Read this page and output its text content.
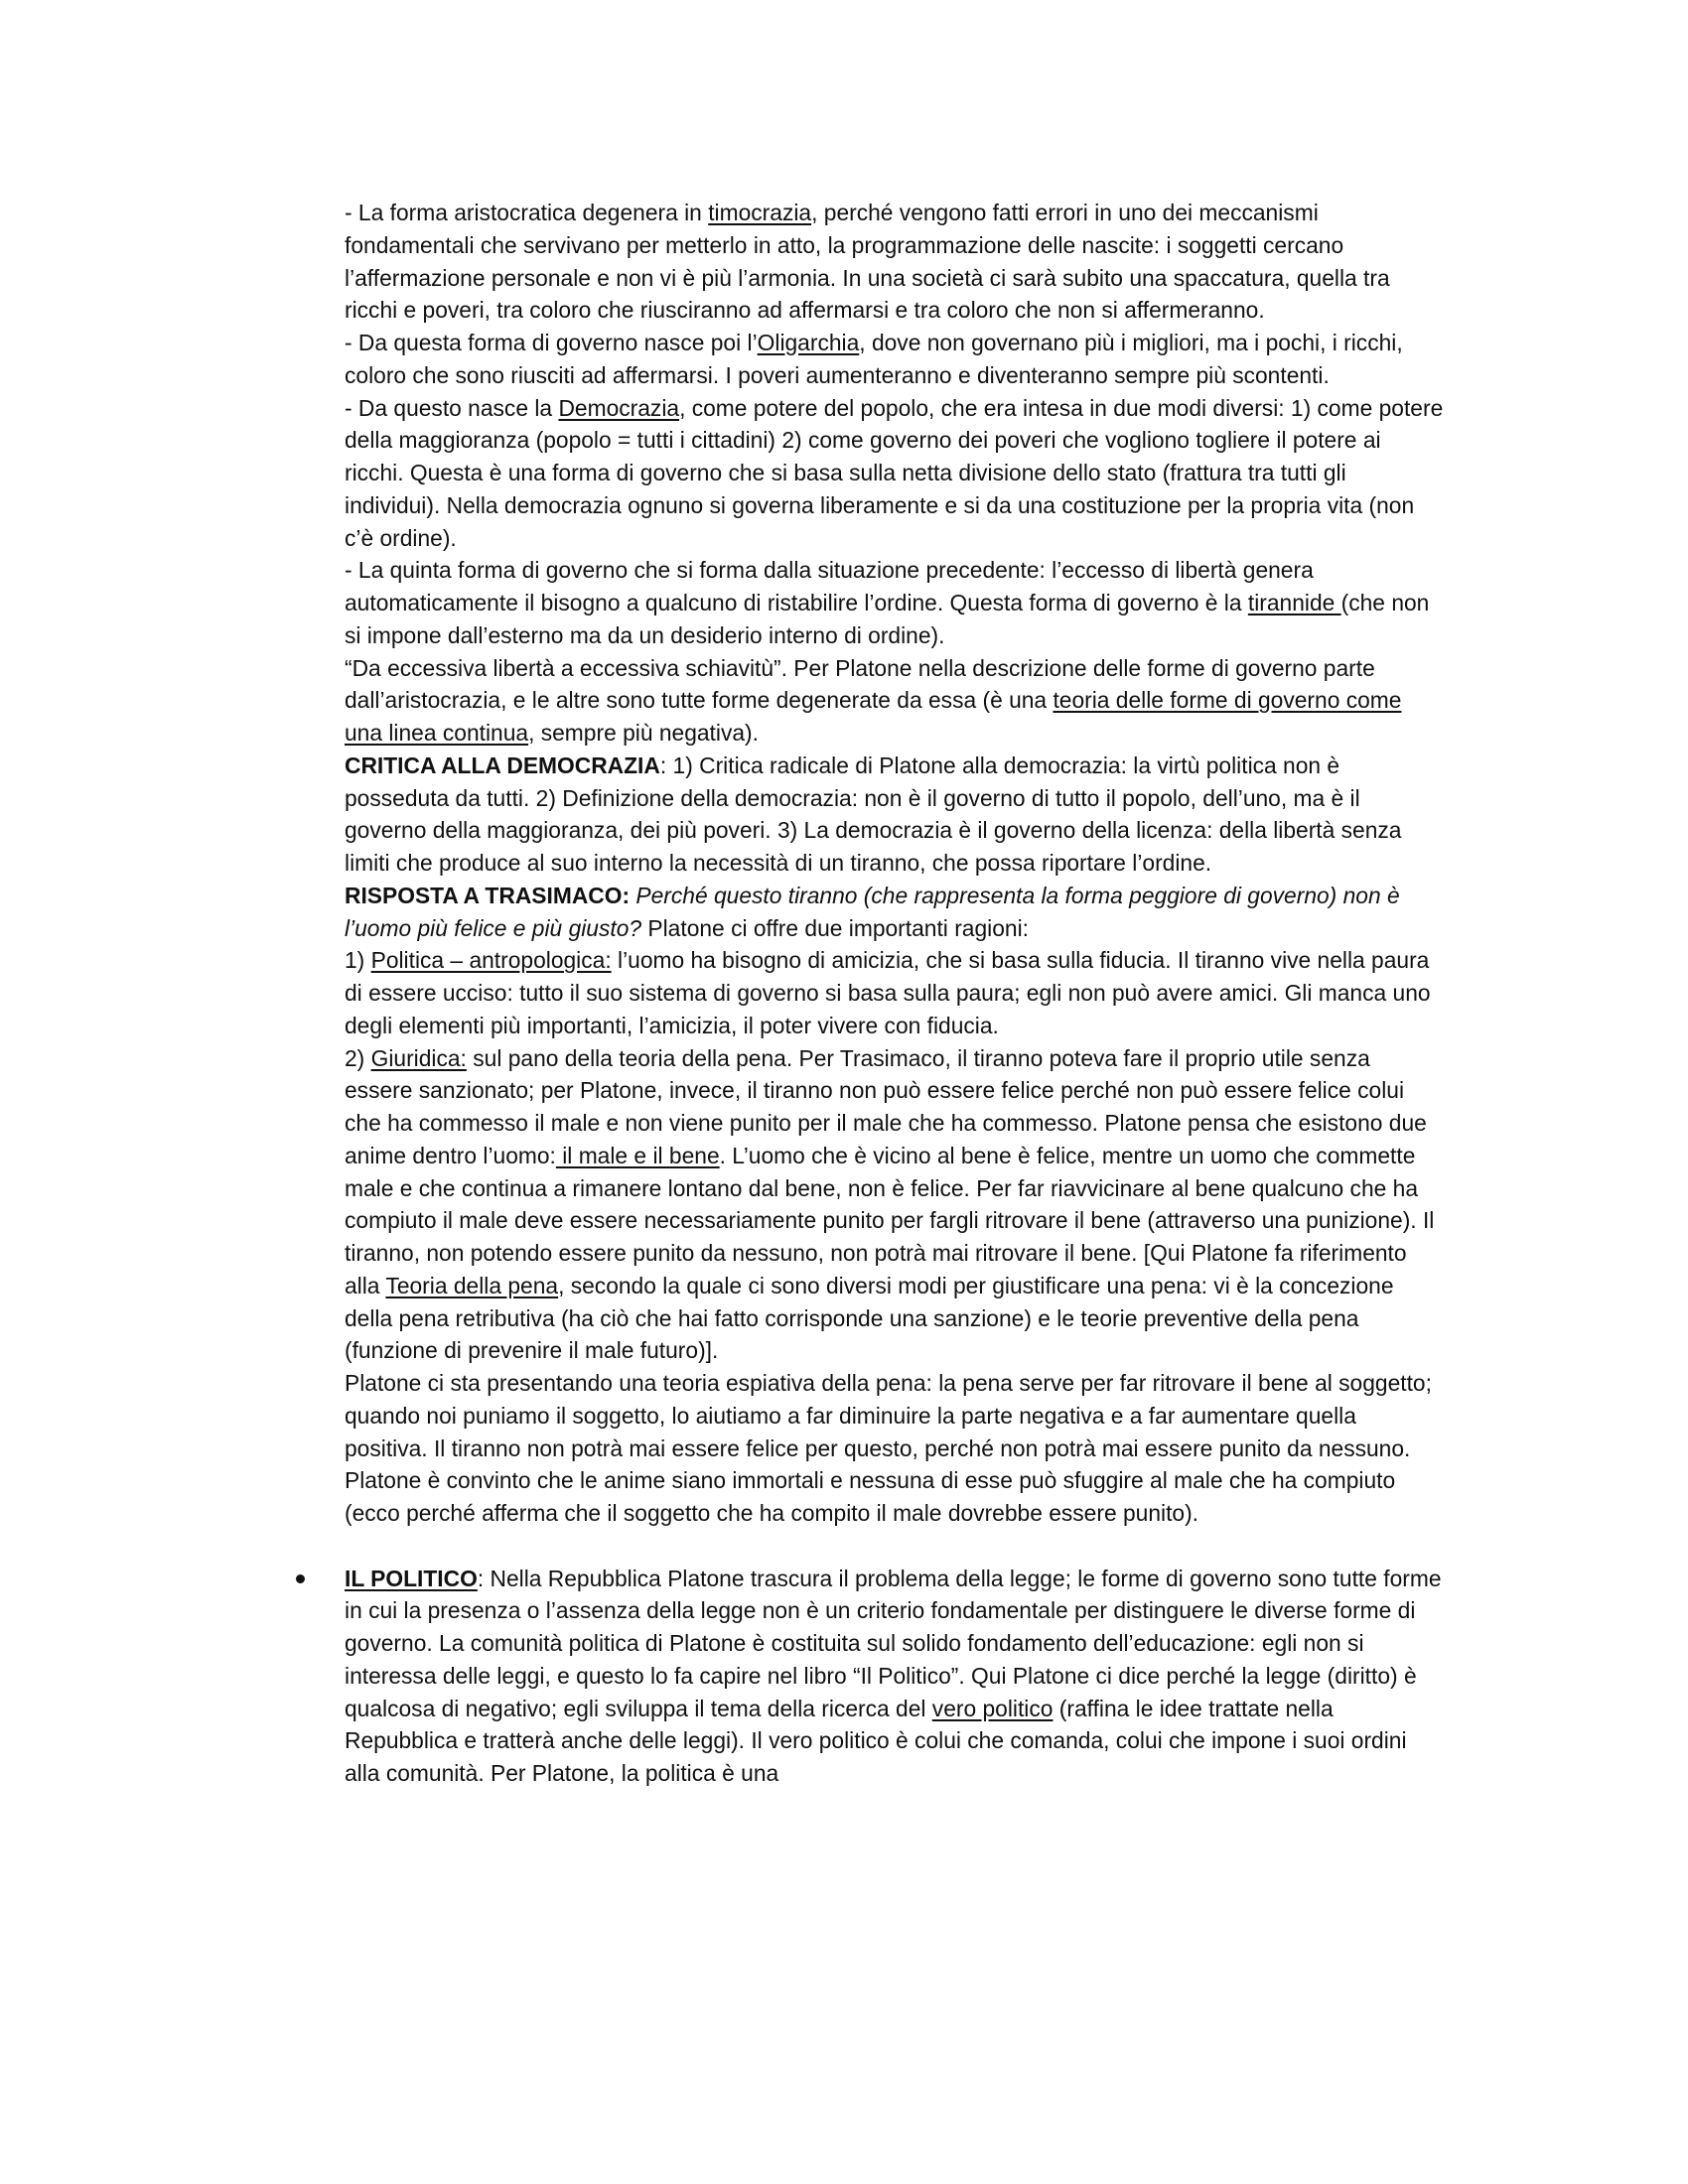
- La forma aristocratica degenera in timocrazia, perché vengono fatti errori in uno dei meccanismi fondamentali che servivano per metterlo in atto, la programmazione delle nascite: i soggetti cercano l’affermazione personale e non vi è più l’armonia. In una società ci sarà subito una spaccatura, quella tra ricchi e poveri, tra coloro che riusciranno ad affermarsi e tra coloro che non si affermeranno.

- Da questa forma di governo nasce poi l’Oligarchia, dove non governano più i migliori, ma i pochi, i ricchi, coloro che sono riusciti ad affermarsi. I poveri aumenteranno e diventeranno sempre più scontenti.

- Da questo nasce la Democrazia, come potere del popolo, che era intesa in due modi diversi: 1) come potere della maggioranza (popolo = tutti i cittadini) 2) come governo dei poveri che vogliono togliere il potere ai ricchi. Questa è una forma di governo che si basa sulla netta divisione dello stato (frattura tra tutti gli individui). Nella democrazia ognuno si governa liberamente e si da una costituzione per la propria vita (non c’è ordine).

- La quinta forma di governo che si forma dalla situazione precedente: l’eccesso di libertà genera automaticamente il bisogno a qualcuno di ristabilire l’ordine. Questa forma di governo è la tirannide (che non si impone dall’esterno ma da un desiderio interno di ordine).

“Da eccessiva libertà a eccessiva schiavitù”. Per Platone nella descrizione delle forme di governo parte dall’aristocrazia, e le altre sono tutte forme degenerate da essa (è una teoria delle forme di governo come una linea continua, sempre più negativa).

CRITICA ALLA DEMOCRAZIA: 1) Critica radicale di Platone alla democrazia: la virtù politica non è posseduta da tutti. 2) Definizione della democrazia: non è il governo di tutto il popolo, dell’uno, ma è il governo della maggioranza, dei più poveri. 3) La democrazia è il governo della licenza: della libertà senza limiti che produce al suo interno la necessità di un tiranno, che possa riportare l’ordine.

RISPOSTA A TRASIMACO: Perché questo tiranno (che rappresenta la forma peggiore di governo) non è l’uomo più felice e più giusto? Platone ci offre due importanti ragioni:

1) Politica – antropologica: l’uomo ha bisogno di amicizia, che si basa sulla fiducia. Il tiranno vive nella paura di essere ucciso: tutto il suo sistema di governo si basa sulla paura; egli non può avere amici. Gli manca uno degli elementi più importanti, l’amicizia, il poter vivere con fiducia.

2) Giuridica: sul pano della teoria della pena. Per Trasimaco, il tiranno poteva fare il proprio utile senza essere sanzionato; per Platone, invece, il tiranno non può essere felice perché non può essere felice colui che ha commesso il male e non viene punito per il male che ha commesso. Platone pensa che esistono due anime dentro l’uomo: il male e il bene. L’uomo che è vicino al bene è felice, mentre un uomo che commette male e che continua a rimanere lontano dal bene, non è felice. Per far riavvicinare al bene qualcuno che ha compiuto il male deve essere necessariamente punito per fargli ritrovare il bene (attraverso una punizione). Il tiranno, non potendo essere punito da nessuno, non potrà mai ritrovare il bene. [Qui Platone fa riferimento alla Teoria della pena, secondo la quale ci sono diversi modi per giustificare una pena: vi è la concezione della pena retributiva (ha ciò che hai fatto corrisponde una sanzione) e le teorie preventive della pena (funzione di prevenire il male futuro)].

Platone ci sta presentando una teoria espiativa della pena: la pena serve per far ritrovare il bene al soggetto; quando noi puniamo il soggetto, lo aiutiamo a far diminuire la parte negativa e a far aumentare quella positiva. Il tiranno non potrà mai essere felice per questo, perché non potrà mai essere punito da nessuno. Platone è convinto che le anime siano immortali e nessuna di esse può sfuggire al male che ha compiuto (ecco perché afferma che il soggetto che ha compito il male dovrebbe essere punito).

IL POLITICO: Nella Repubblica Platone trascura il problema della legge; le forme di governo sono tutte forme in cui la presenza o l’assenza della legge non è un criterio fondamentale per distinguere le diverse forme di governo. La comunità politica di Platone è costituita sul solido fondamento dell’educazione: egli non si interessa delle leggi, e questo lo fa capire nel libro “Il Politico”. Qui Platone ci dice perché la legge (diritto) è qualcosa di negativo; egli sviluppa il tema della ricerca del vero politico (raffina le idee trattate nella Repubblica e tratterà anche delle leggi). Il vero politico è colui che comanda, colui che impone i suoi ordini alla comunità. Per Platone, la politica è una
